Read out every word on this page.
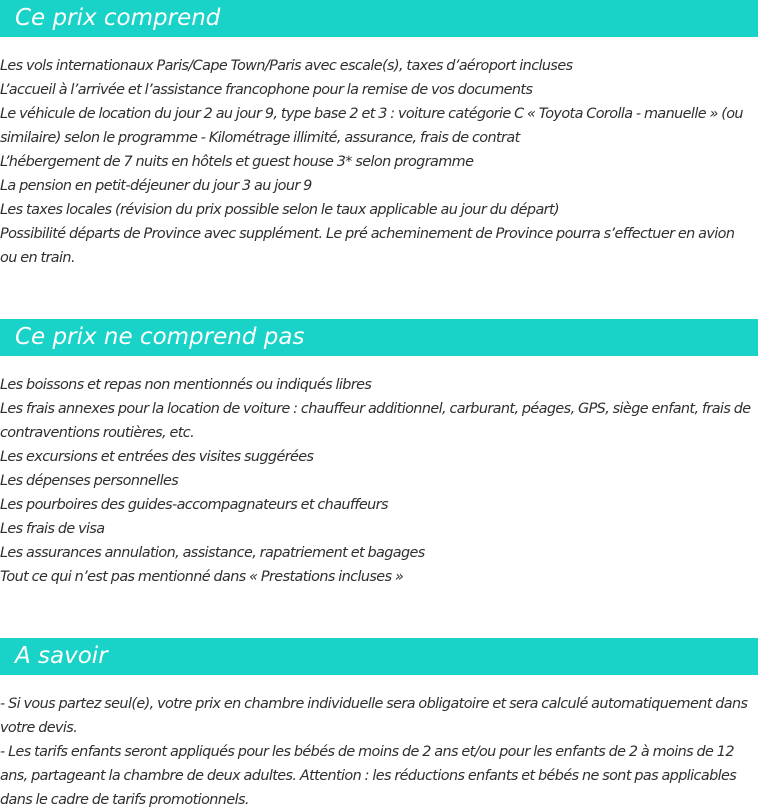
Ce prix comprend
Les vols internationaux Paris/Cape Town/Paris avec escale(s), taxes d’aéroport incluses
L’accueil à l’arrivée et l’assistance francophone pour la remise de vos documents
Le véhicule de location du jour 2 au jour 9, type base 2 et 3 : voiture catégorie C « Toyota Corolla - manuelle » (ou similaire) selon le programme - Kilométrage illimité, assurance, frais de contrat
L’hébergement de 7 nuits en hôtels et guest house 3* selon programme
La pension en petit-déjeuner du jour 3 au jour 9
Les taxes locales (révision du prix possible selon le taux applicable au jour du départ)
Possibilité départs de Province avec supplément. Le pré acheminement de Province pourra s’effectuer en avion ou en train.
Ce prix ne comprend pas
Les boissons et repas non mentionnés ou indiqués libres
Les frais annexes pour la location de voiture : chauffeur additionnel, carburant, péages, GPS, siège enfant, frais de contraventions routières, etc.
Les excursions et entrées des visites suggérées
Les dépenses personnelles
Les pourboires des guides-accompagnateurs et chauffeurs
Les frais de visa
Les assurances annulation, assistance, rapatriement et bagages
Tout ce qui n’est pas mentionné dans « Prestations incluses »
A savoir
- Si vous partez seul(e), votre prix en chambre individuelle sera obligatoire et sera calculé automatiquement dans votre devis.
- Les tarifs enfants seront appliqués pour les bébés de moins de 2 ans et/ou pour les enfants de 2 à moins de 12 ans, partageant la chambre de deux adultes. Attention : les réductions enfants et bébés ne sont pas applicables dans le cadre de tarifs promotionnels.
